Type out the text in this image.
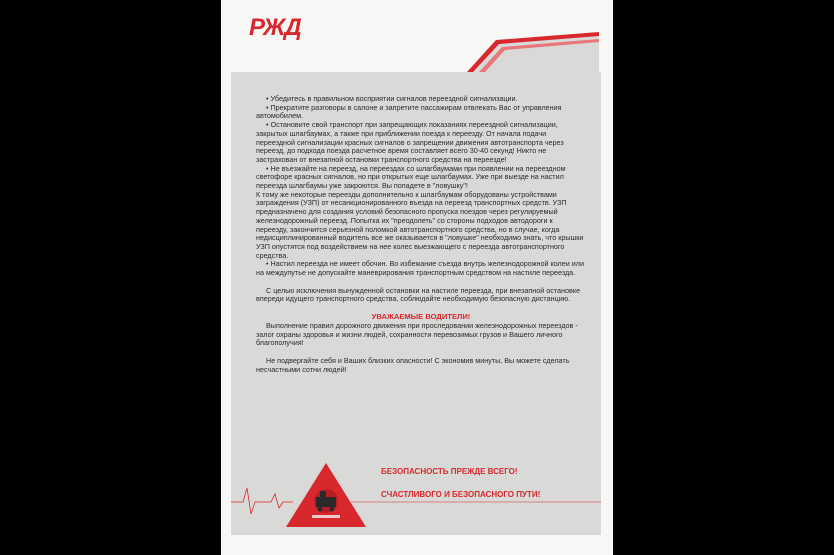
РЖД

• Убедитесь в правильном восприятии сигналов переездной сигнализации.

• Прекратите разговоры в салоне и запретите пассажирам отвлекать Вас от управления автомобилем.

• Остановите свой транспорт при запрещающих показаниях переездной сигнализации, закрытых шлагбаумах, а также при приближении поезда к переезду. От начала подачи переездной сигнализации красных сигналов о запрещении движения автотранспорта через переезд, до подхода поезда расчетное время составляет всего 30-40 секунд! Никто не застрахован от внезапной остановки транспортного средства на переезде!

• Не въезжайте на переезд, на переездах со шлагбаумами при появлении на переездном светофоре красных сигналов, но при открытых еще шлагбаумах. Уже при выезде на настил переезда шлагбаумы уже закроются. Вы попадете в "ловушку"!

К тому же некоторые переезды дополнительно к шлагбаумам оборудованы устройствами заграждения (УЗП) от несанкционированного въезда на переезд транспортных средств. УЗП предназначено для создания условий безопасного пропуска поездов через регулируемый железнодорожный переезд. Попытка их "преодолеть" со стороны подходов автодороги к переезду, закончится серьезной поломкой автотранспортного средства, но в случае, когда недисциплинированный водитель все же оказывается в "ловушке" необходимо знать, что крышки УЗП опустятся под воздействием на нее колес выезжающего с переезда автотранспортного средства.

• Настил переезда не имеет обочин. Во избежание съезда внутрь железнодорожной колеи или на междупутье не допускайте маневрирования транспортным средством на настиле переезда.

С целью исключения вынужденной остановки на настиле переезда, при внезапной остановке впереди идущего транспортного средства, соблюдайте необходимую безопасную дистанцию.

УВАЖАЕМЫЕ ВОДИТЕЛИ!

Выполнение правил дорожного движения при проследовании железнодорожных переездов - залог охраны здоровья и жизни людей, сохранности перевозимых грузов и Вашего личного благополучия!

Не подвергайте себя и Ваших близких опасности! С экономив минуты, Вы можете сделать несчастными сотни людей!

БЕЗОПАСНОСТЬ ПРЕЖДЕ ВСЕГО!
СЧАСТЛИВОГО И БЕЗОПАСНОГО ПУТИ!
